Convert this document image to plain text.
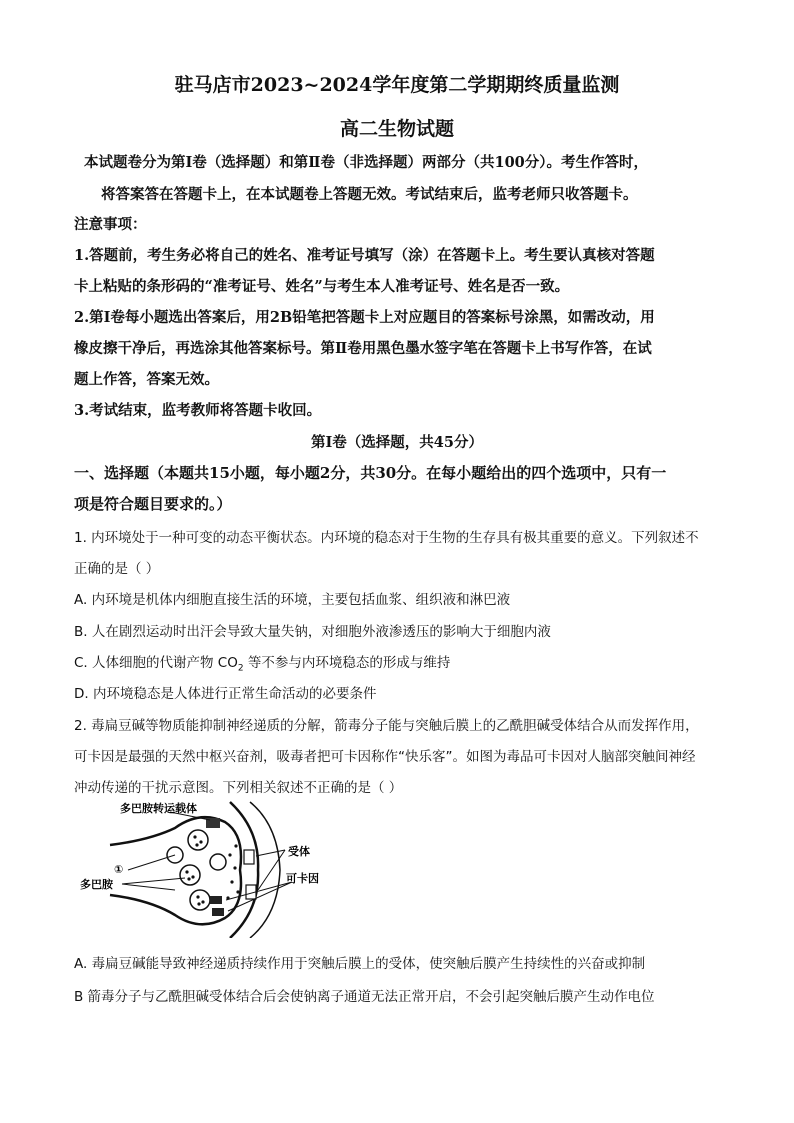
驻马店市2023~2024学年度第二学期期终质量监测
高二生物试题
本试题卷分为第Ⅰ卷（选择题）和第Ⅱ卷（非选择题）两部分（共100分）。考生作答时，
将答案答在答题卡上，在本试题卷上答题无效。考试结束后，监考老师只收答题卡。
注意事项：
1.答题前，考生务必将自己的姓名、准考证号填写（涂）在答题卡上。考生要认真核对答题
卡上粘贴的条形码的“准考证号、姓名”与考生本人准考证号、姓名是否一致。
2.第Ⅰ卷每小题选出答案后，用2B铅笔把答题卡上对应题目的答案标号涂黑，如需改动，用
橡皮擦干净后，再选涂其他答案标号。第Ⅱ卷用黑色墨水签字笔在答题卡上书写作答，在试
题上作答，答案无效。
3.考试结束，监考教师将答题卡收回。
第Ⅰ卷（选择题，共45分）
一、选择题（本题共15小题，每小题2分，共30分。在每小题给出的四个选项中，只有一
项是符合题目要求的。）
1. 内环境处于一种可变的动态平衡状态。内环境的稳态对于生物的生存具有极其重要的意义。下列叙述不
正确的是（ ）
A. 内环境是机体内细胞直接生活的环境，主要包括血浆、组织液和淋巴液
B. 人在剧烈运动时出汗会导致大量失钠，对细胞外液渗透压的影响大于细胞内液
C. 人体细胞的代谢产物 $CO_2$ 等不参与内环境稳态的形成与维持
D. 内环境稳态是人体进行正常生命活动的必要条件
2. 毒扁豆碱等物质能抑制神经递质的分解，箭毒分子能与突触后膜上的乙酰胆碱受体结合从而发挥作用，
可卡因是最强的天然中枢兴奋剂，吸毒者把可卡因称作“快乐客”。如图为毒品可卡因对人脑部突触间神经
冲动传递的干扰示意图。下列相关叙述不正确的是（ ）
多巴胺转运载体
受体
①
多巴胺	可卡因
A. 毒扁豆碱能导致神经递质持续作用于突触后膜上的受体，使突触后膜产生持续性的兴奋或抑制
B 箭毒分子与乙酰胆碱受体结合后会使钠离子通道无法正常开启，不会引起突触后膜产生动作电位
